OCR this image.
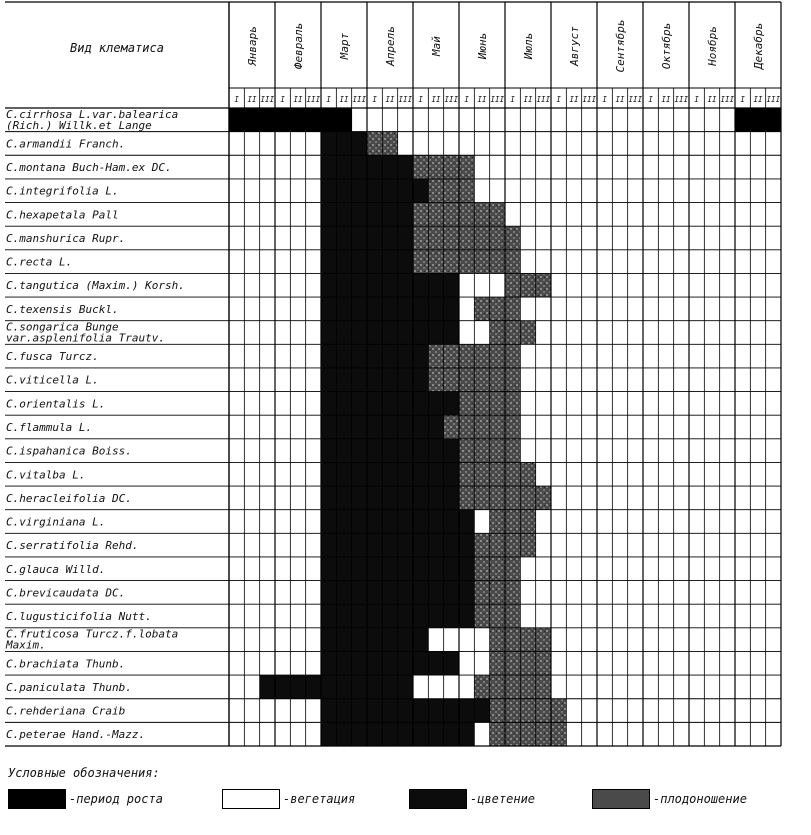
Вид клематиса	Январь	Февраль	Март	Апрель	Май	Июнь	Июль	Август	Сентябрь	Октябрь	Ноябрь	Декабрь
I II III I II III I II III I II III I II III I II III I II III I II III I II III I II III I II III I II III
C.cirrhosa L.var.balearica (Rich.) Willk.et Lange
C.armandii Franch.
C.montana Buch-Ham.ex DC.
C.integrifolia L.
C.hexapetala Pall
C.manshurica Rupr.
C.recta L.
C.tangutica (Maxim.) Korsh.
C.texensis Buckl.
C.songarica Bunge var.asplenifolia Trautv.
C.fusca Turcz.
C.viticella L.
C.orientalis L.
C.flammula L.
C.ispahanica Boiss.
C.vitalba L.
C.heracleifolia DC.
C.virginiana L.
C.serratifolia Rehd.
C.glauca Willd.
C.brevicaudata DC.
C.lugusticifolia Nutt.
C.fruticosa Turcz.f.lobata Maxim.
C.brachiata Thunb.
C.paniculata Thunb.
C.rehderiana Craib
C.peterae Hand.-Mazz.
Условные обозначения:
-период роста	-вегетация	-цветение	-плодоношение
